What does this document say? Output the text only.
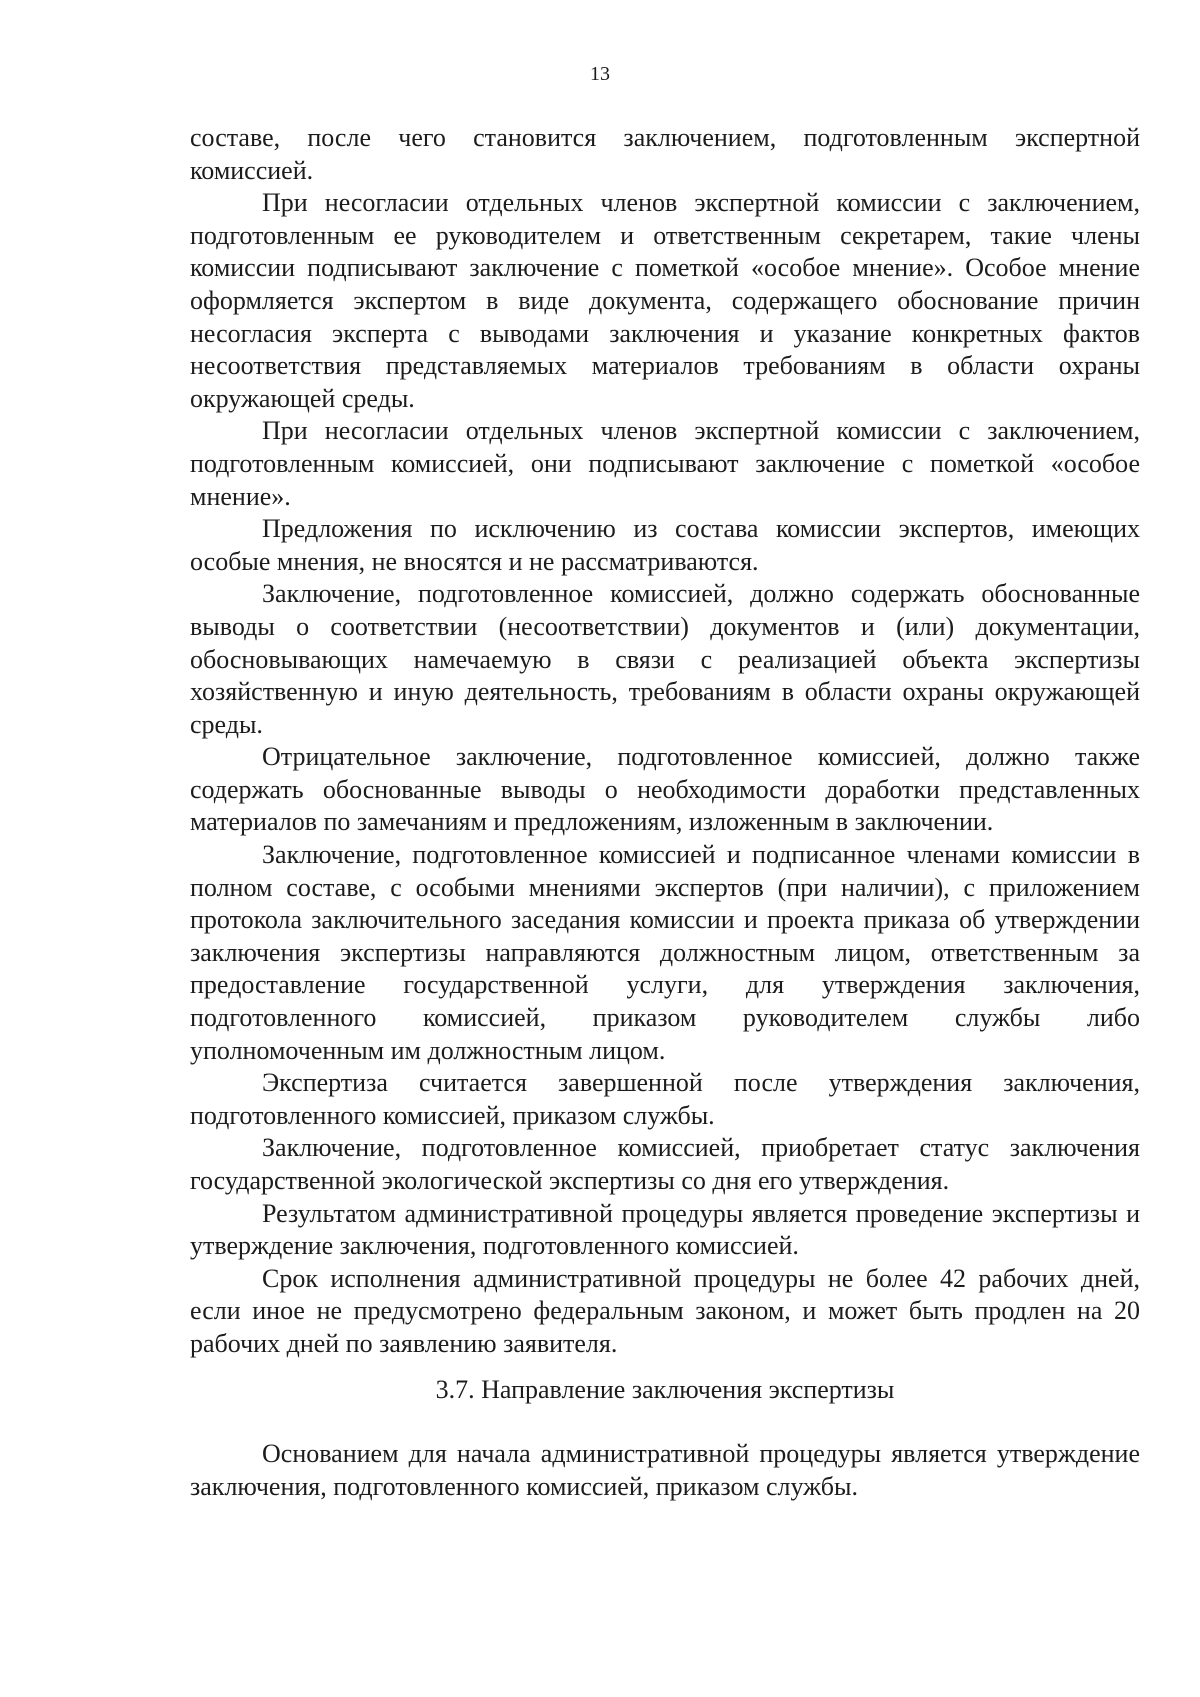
13

составе, после чего становится заключением, подготовленным экспертной комиссией.

При несогласии отдельных членов экспертной комиссии с заключением, подготовленным ее руководителем и ответственным секретарем, такие члены комиссии подписывают заключение с пометкой «особое мнение». Особое мнение оформляется экспертом в виде документа, содержащего обоснование причин несогласия эксперта с выводами заключения и указание конкретных фактов несоответствия представляемых материалов требованиям в области охраны окружающей среды.

При несогласии отдельных членов экспертной комиссии с заключением, подготовленным комиссией, они подписывают заключение с пометкой «особое мнение».

Предложения по исключению из состава комиссии экспертов, имеющих особые мнения, не вносятся и не рассматриваются.

Заключение, подготовленное комиссией, должно содержать обоснованные выводы о соответствии (несоответствии) документов и (или) документации, обосновывающих намечаемую в связи с реализацией объекта экспертизы хозяйственную и иную деятельность, требованиям в области охраны окружающей среды.

Отрицательное заключение, подготовленное комиссией, должно также содержать обоснованные выводы о необходимости доработки представленных материалов по замечаниям и предложениям, изложенным в заключении.

Заключение, подготовленное комиссией и подписанное членами комиссии в полном составе, с особыми мнениями экспертов (при наличии), с приложением протокола заключительного заседания комиссии и проекта приказа об утверждении заключения экспертизы направляются должностным лицом, ответственным за предоставление государственной услуги, для утверждения заключения, подготовленного комиссией, приказом руководителем службы либо уполномоченным им должностным лицом.

Экспертиза считается завершенной после утверждения заключения, подготовленного комиссией, приказом службы.

Заключение, подготовленное комиссией, приобретает статус заключения государственной экологической экспертизы со дня его утверждения.

Результатом административной процедуры является проведение экспертизы и утверждение заключения, подготовленного комиссией.

Срок исполнения административной процедуры не более 42 рабочих дней, если иное не предусмотрено федеральным законом, и может быть продлен на 20 рабочих дней по заявлению заявителя.

3.7. Направление заключения экспертизы

Основанием для начала административной процедуры является утверждение заключения, подготовленного комиссией, приказом службы.
